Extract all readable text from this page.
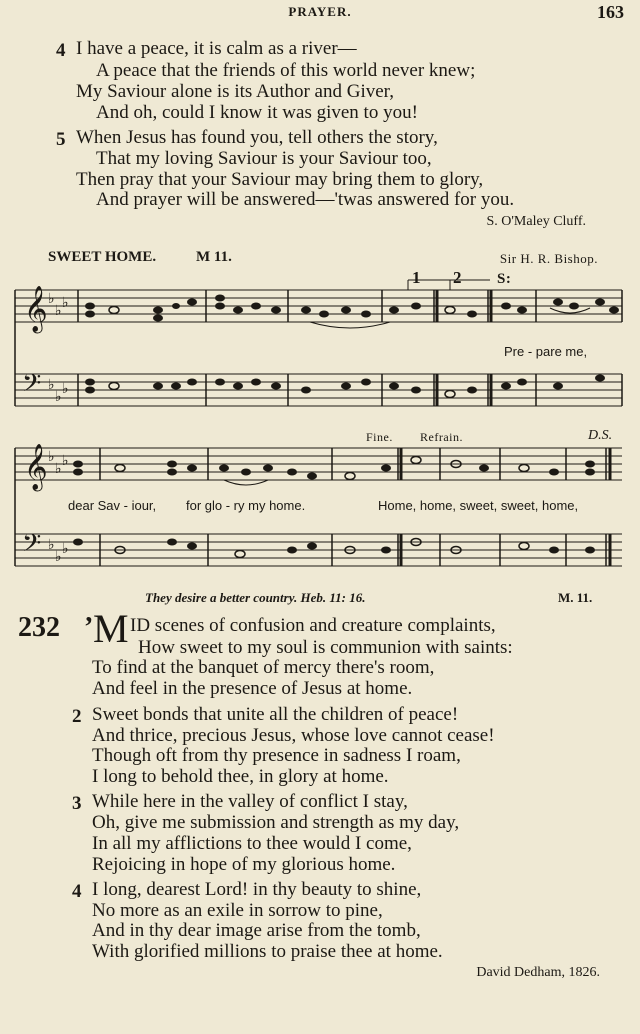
PRAYER.	163
4 I have a peace, it is calm as a river—
A peace that the friends of this world never knew;
My Saviour alone is its Author and Giver,
And oh, could I know it was given to you!
5 When Jesus has found you, tell others the story,
That my loving Saviour is your Saviour too,
Then pray that your Saviour may bring them to glory,
And prayer will be answered—'twas answered for you.
S. O'Maley Cluff.
SWEET HOME.	M 11.	Sir H. R. Bishop.
1 2 S:
𝄞
𝄢
♭
♭ ♭
♭
♭ ♭
Pre - pare me,
Fine. Refrain.	D.S.
𝄞
𝄢
♭
♭ ♭
♭
♭ ♭
dear Sav - iour, for glo - ry my home.	Home, home, sweet, sweet, home,
They desire a better country. Heb. 11: 16.	M. 11.
232 ’ M ID scenes of confusion and creature complaints,
How sweet to my soul is communion with saints:
To find at the banquet of mercy there's room,
And feel in the presence of Jesus at home.
2 Sweet bonds that unite all the children of peace!
And thrice, precious Jesus, whose love cannot cease!
Though oft from thy presence in sadness I roam,
I long to behold thee, in glory at home.
3 While here in the valley of conflict I stay,
Oh, give me submission and strength as my day,
In all my afflictions to thee would I come,
Rejoicing in hope of my glorious home.
4 I long, dearest Lord! in thy beauty to shine,
No more as an exile in sorrow to pine,
And in thy dear image arise from the tomb,
With glorified millions to praise thee at home.
David Dedham, 1826.
